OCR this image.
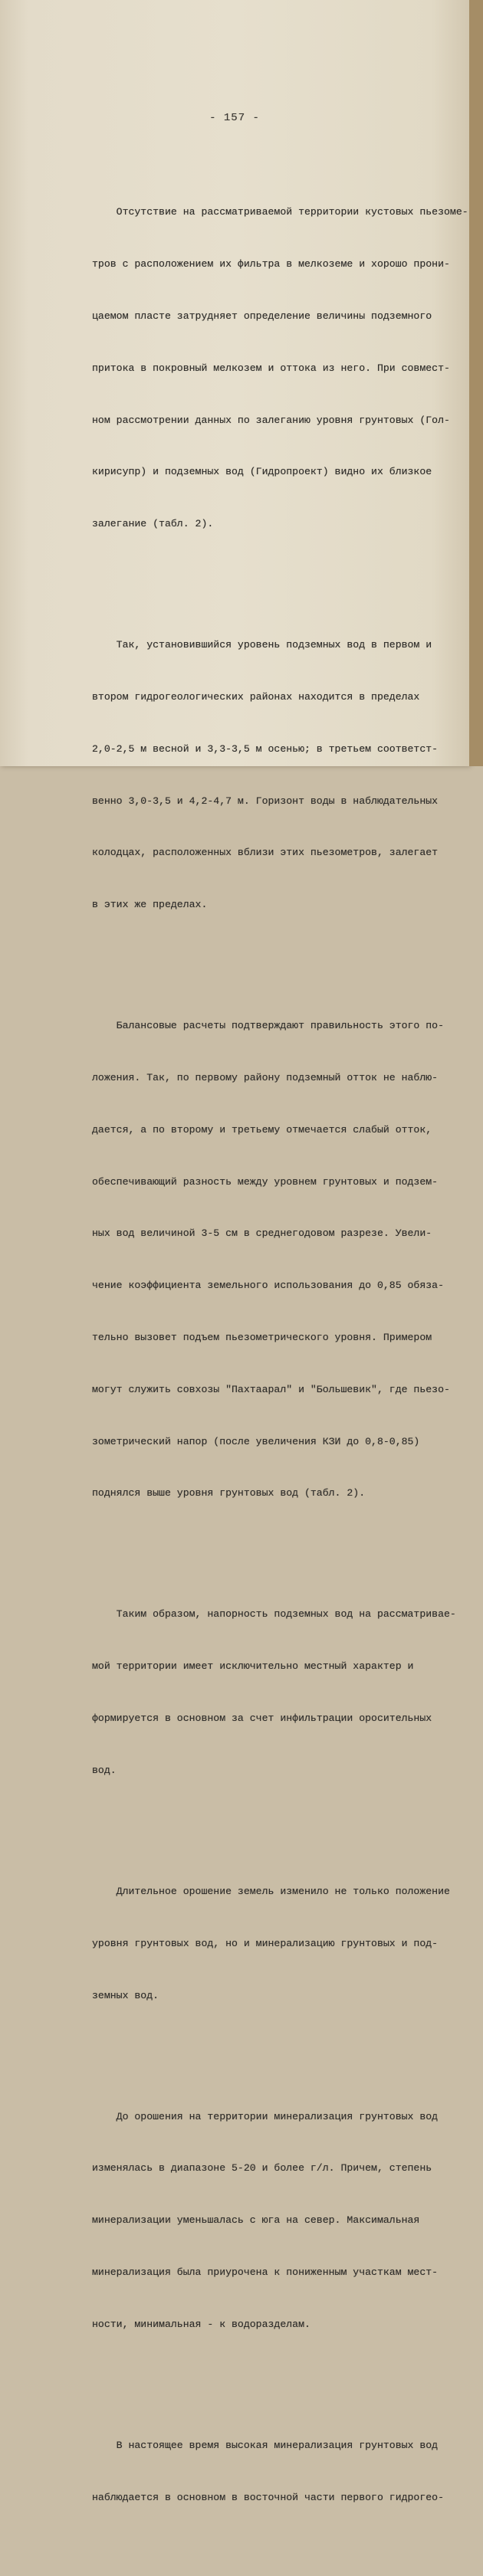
- 157 -

Отсутствие на рассматриваемой территории кустовых пьезоме-

тров с расположением их фильтра в мелкоземе и хорошо прони-

цаемом пласте затрудняет определение величины подземного

притока в покровный мелкозем и оттока из него. При совмест-

ном рассмотрении данных по залеганию уровня грунтовых (Гол-

кирисупр) и подземных вод (Гидропроект) видно их близкое

залегание (табл. 2).

Так, установившийся уровень подземных вод в первом и

втором гидрогеологических районах находится в пределах

2,0-2,5 м весной и 3,3-3,5 м осенью; в третьем соответст-

венно 3,0-3,5 и 4,2-4,7 м. Горизонт воды в наблюдательных

колодцах, расположенных вблизи этих пьезометров, залегает

в этих же пределах.

Балансовые расчеты подтверждают правильность этого по-

ложения. Так, по первому району подземный отток не наблю-

дается, а по второму и третьему отмечается слабый отток,

обеспечивающий разность между уровнем грунтовых и подзем-

ных вод величиной 3-5 см в среднегодовом разрезе. Увели-

чение коэффициента земельного использования до 0,85 обяза-

тельно вызовет подъем пьезометрического уровня. Примером

могут служить совхозы "Пахтаарал" и "Большевик", где пьезо-

зометрический напор (после увеличения КЗИ до 0,8-0,85)

поднялся выше уровня грунтовых вод (табл. 2).

Таким образом, напорность подземных вод на рассматривае-

мой территории имеет исключительно местный характер и

формируется в основном за счет инфильтрации оросительных

вод.

Длительное орошение земель изменило не только положение

уровня грунтовых вод, но и минерализацию грунтовых и под-

земных вод.

До орошения на территории минерализация грунтовых вод

изменялась в диапазоне 5-20 и более г/л. Причем, степень

минерализации уменьшалась с юга на север. Максимальная

минерализация была приурочена к пониженным участкам мест-

ности, минимальная - к водоразделам.

В настоящее время высокая минерализация грунтовых вод

наблюдается в основном в восточной части первого гидрогео-
